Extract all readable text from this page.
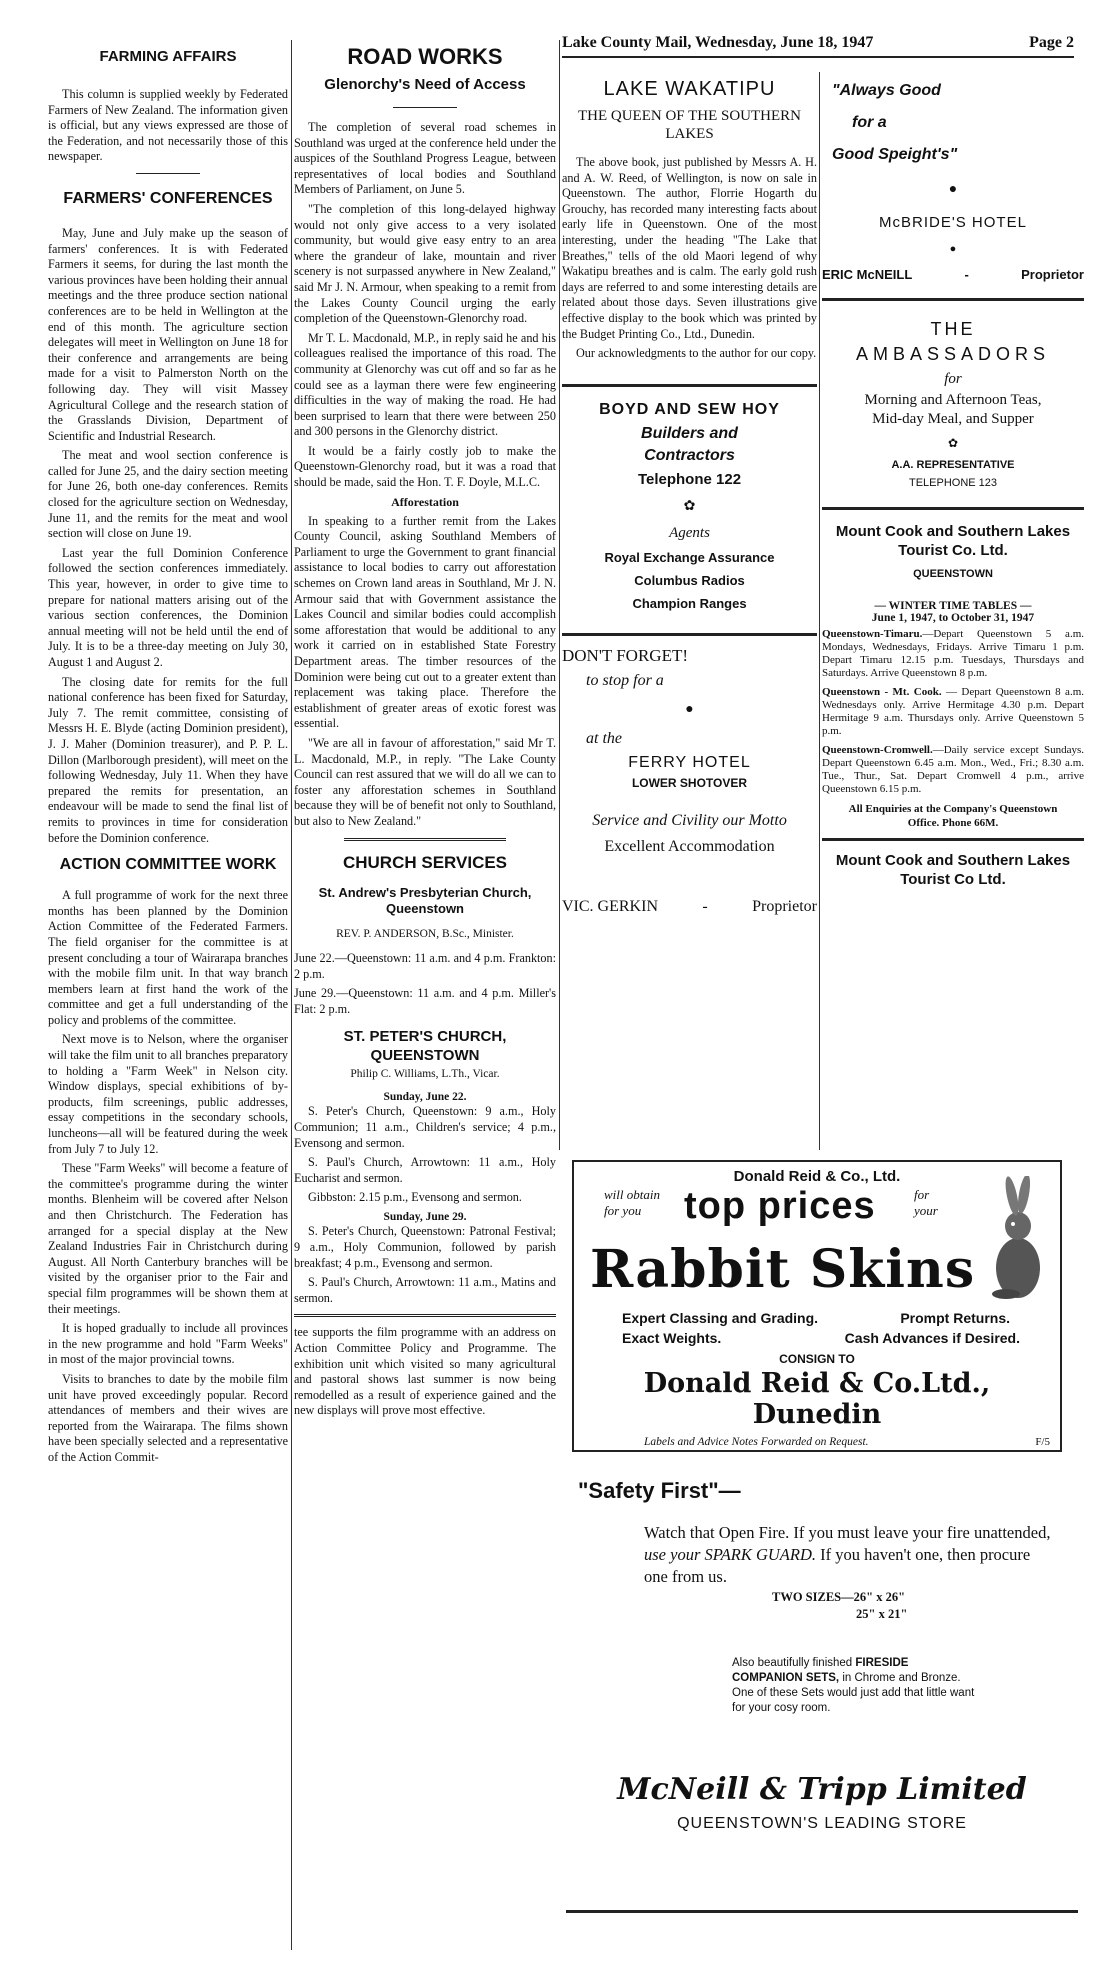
Lake County Mail, Wednesday, June 18, 1947	Page 2
FARMING AFFAIRS

This column is supplied weekly by Federated Farmers of New Zealand. The information given is official, but any views expressed are those of the Federation, and not necessarily those of this newspaper.

FARMERS' CONFERENCES

May, June and July make up the season of farmers' conferences. It is with Federated Farmers it seems, for during the last month the various provinces have been holding their annual meetings and the three produce section national conferences are to be held in Wellington at the end of this month. The agriculture section delegates will meet in Wellington on June 18 for their conference and arrangements are being made for a visit to Palmerston North on the following day. They will visit Massey Agricultural College and the research station of the Grasslands Division, Department of Scientific and Industrial Research.

The meat and wool section conference is called for June 25, and the dairy section meeting for June 26, both one-day conferences. Remits closed for the agriculture section on Wednesday, June 11, and the remits for the meat and wool section will close on June 19.

Last year the full Dominion Conference followed the section conferences immediately. This year, however, in order to give time to prepare for national matters arising out of the various section conferences, the Dominion annual meeting will not be held until the end of July. It is to be a three-day meeting on July 30, August 1 and August 2.

The closing date for remits for the full national conference has been fixed for Saturday, July 7. The remit committee, consisting of Messrs H. E. Blyde (acting Dominion president), J. J. Maher (Dominion treasurer), and P. P. L. Dillon (Marlborough president), will meet on the following Wednesday, July 11. When they have prepared the remits for presentation, an endeavour will be made to send the final list of remits to provinces in time for consideration before the Dominion conference.

ACTION COMMITTEE WORK

A full programme of work for the next three months has been planned by the Dominion Action Committee of the Federated Farmers. The field organiser for the committee is at present concluding a tour of Wairarapa branches with the mobile film unit. In that way branch members learn at first hand the work of the committee and get a full understanding of the policy and problems of the committee.

Next move is to Nelson, where the organiser will take the film unit to all branches preparatory to holding a "Farm Week" in Nelson city. Window displays, special exhibitions of by-products, film screenings, public addresses, essay competitions in the secondary schools, luncheons—all will be featured during the week from July 7 to July 12.

These "Farm Weeks" will become a feature of the committee's programme during the winter months. Blenheim will be covered after Nelson and then Christchurch. The Federation has arranged for a special display at the New Zealand Industries Fair in Christchurch during August. All North Canterbury branches will be visited by the organiser prior to the Fair and special film programmes will be shown them at their meetings.

It is hoped gradually to include all provinces in the new programme and hold "Farm Weeks" in most of the major provincial towns.

Visits to branches to date by the mobile film unit have proved exceedingly popular. Record attendances of members and their wives are reported from the Wairarapa. The films shown have been specially selected and a representative of the Action Commit-

ROAD WORKS
Glenorchy's Need of Access

The completion of several road schemes in Southland was urged at the conference held under the auspices of the Southland Progress League, between representatives of local bodies and Southland Members of Parliament, on June 5.

"The completion of this long-delayed highway would not only give access to a very isolated community, but would give easy entry to an area where the grandeur of lake, mountain and river scenery is not surpassed anywhere in New Zealand," said Mr J. N. Armour, when speaking to a remit from the Lakes County Council urging the early completion of the Queenstown-Glenorchy road.

Mr T. L. Macdonald, M.P., in reply said he and his colleagues realised the importance of this road. The community at Glenorchy was cut off and so far as he could see as a layman there were few engineering difficulties in the way of making the road. He had been surprised to learn that there were between 250 and 300 persons in the Glenorchy district.

It would be a fairly costly job to make the Queenstown-Glenorchy road, but it was a road that should be made, said the Hon. T. F. Doyle, M.L.C.

Afforestation

In speaking to a further remit from the Lakes County Council, asking Southland Members of Parliament to urge the Government to grant financial assistance to local bodies to carry out afforestation schemes on Crown land areas in Southland, Mr J. N. Armour said that with Government assistance the Lakes Council and similar bodies could accomplish some afforestation that would be additional to any work it carried on in established State Forestry Department areas. The timber resources of the Dominion were being cut out to a greater extent than replacement was taking place. Therefore the establishment of greater areas of exotic forest was essential.

"We are all in favour of afforestation," said Mr T. L. Macdonald, M.P., in reply. "The Lake County Council can rest assured that we will do all we can to foster any afforestation schemes in Southland because they will be of benefit not only to Southland, but also to New Zealand."

CHURCH SERVICES
St. Andrew's Presbyterian Church, Queenstown
REV. P. ANDERSON, B.Sc., Minister.

June 22.—Queenstown: 11 a.m. and 4 p.m. Frankton: 2 p.m.

June 29.—Queenstown: 11 a.m. and 4 p.m. Miller's Flat: 2 p.m.

ST. PETER'S CHURCH, QUEENSTOWN
Philip C. Williams, L.Th., Vicar.
Sunday, June 22.

S. Peter's Church, Queenstown: 9 a.m., Holy Communion; 11 a.m., Children's service; 4 p.m., Evensong and sermon.

S. Paul's Church, Arrowtown: 11 a.m., Holy Eucharist and sermon.

Gibbston: 2.15 p.m., Evensong and sermon.

Sunday, June 29.

S. Peter's Church, Queenstown: Patronal Festival; 9 a.m., Holy Communion, followed by parish breakfast; 4 p.m., Evensong and sermon.

S. Paul's Church, Arrowtown: 11 a.m., Matins and sermon.

tee supports the film programme with an address on Action Committee Policy and Programme. The exhibition unit which visited so many agricultural and pastoral shows last summer is now being remodelled as a result of experience gained and the new displays will prove most effective.

LAKE WAKATIPU
THE QUEEN OF THE SOUTHERN LAKES

The above book, just published by Messrs A. H. and A. W. Reed, of Wellington, is now on sale in Queenstown. The author, Florrie Hogarth du Grouchy, has recorded many interesting facts about early life in Queenstown. One of the most interesting, under the heading "The Lake that Breathes," tells of the old Maori legend of why Wakatipu breathes and is calm. The early gold rush days are referred to and some interesting details are related about those days. Seven illustrations give effective display to the book which was printed by the Budget Printing Co., Ltd., Dunedin.

Our acknowledgments to the author for our copy.

BOYD AND SEW HOY
Builders and
Contractors
Telephone 122
✿
Agents
Royal Exchange Assurance
Columbus Radios
Champion Ranges
DON'T FORGET!
to stop for a
●
at the
FERRY HOTEL
LOWER SHOTOVER
Service and Civility our Motto
Excellent Accommodation
VIC. GERKIN	-	Proprietor
"Always Good
for a
Good Speight's"
●
McBRIDE'S HOTEL
●
ERIC McNEILL	-	Proprietor
THE
AMBASSADORS
for
Morning and Afternoon Teas,
Mid-day Meal, and Supper
✿
A.A. REPRESENTATIVE
TELEPHONE 123
Mount Cook and Southern Lakes Tourist Co. Ltd.
QUEENSTOWN
— WINTER TIME TABLES —
June 1, 1947, to October 31, 1947

Queenstown-Timaru.—Depart Queenstown 5 a.m. Mondays, Wednesdays, Fridays. Arrive Timaru 1 p.m. Depart Timaru 12.15 p.m. Tuesdays, Thursdays and Saturdays. Arrive Queenstown 8 p.m.

Queenstown - Mt. Cook. — Depart Queenstown 8 a.m. Wednesdays only. Arrive Hermitage 4.30 p.m. Depart Hermitage 9 a.m. Thursdays only. Arrive Queenstown 5 p.m.

Queenstown-Cromwell.—Daily service except Sundays. Depart Queenstown 6.45 a.m. Mon., Wed., Fri.; 8.30 a.m. Tue., Thur., Sat. Depart Cromwell 4 p.m., arrive Queenstown 6.15 p.m.

All Enquiries at the Company's Queenstown Office. Phone 66M.
Mount Cook and Southern Lakes Tourist Co Ltd.
Donald Reid & Co., Ltd.
will obtain
for you top prices	for
your
Rabbit Skins
Expert Classing and Grading.	Prompt Returns.
Exact Weights.	Cash Advances if Desired.
CONSIGN TO
Donald Reid & Co.Ltd., Dunedin
Labels and Advice Notes Forwarded on Request.	F/5
"Safety First"—

Watch that Open Fire. If you must leave your fire unattended, use your SPARK GUARD. If you haven't one, then procure one from us.

TWO SIZES—26" x 26"
25" x 21"

Also beautifully finished FIRESIDE COMPANION SETS, in Chrome and Bronze. One of these Sets would just add that little want for your cosy room.

McNeill & Tripp Limited
QUEENSTOWN'S LEADING STORE
